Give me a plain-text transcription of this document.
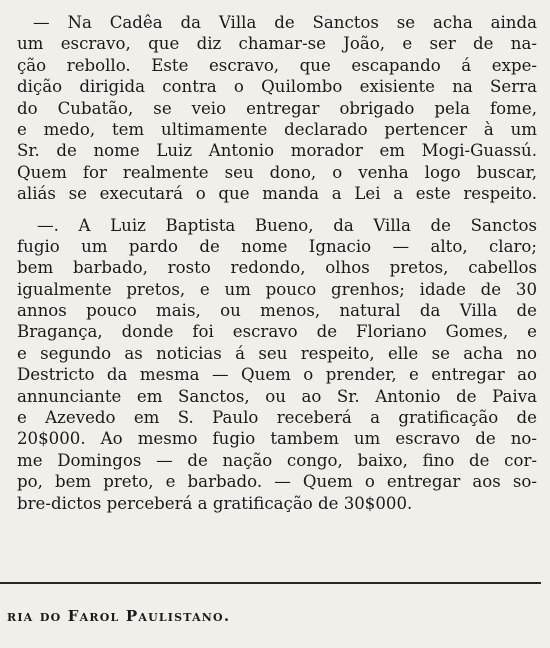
— Na Cadêa da Villa de Sanctos se acha ainda
um escravo, que diz chamar-se João, e ser de na-
ção rebollo. Este escravo, que escapando á expe-
dição dirigida contra o Quilombo exisiente na Serra
do Cubatão, se veio entregar obrigado pela fome,
e medo, tem ultimamente declarado pertencer à um
Sr. de nome Luiz Antonio morador em Mogi-Guassú.
Quem for realmente seu dono, o venha logo buscar,
aliás se executará o que manda a Lei a este respeito.
—. A Luiz Baptista Bueno, da Villa de Sanctos
fugio um pardo de nome Ignacio — alto, claro;
bem barbado, rosto redondo, olhos pretos, cabellos
igualmente pretos, e um pouco grenhos; idade de 30
annos pouco mais, ou menos, natural da Villa de
Bragança, donde foi escravo de Floriano Gomes, e
e segundo as noticias á seu respeito, elle se acha no
Destricto da mesma — Quem o prender, e entregar ao
annunciante em Sanctos, ou ao Sr. Antonio de Paiva
e Azevedo em S. Paulo receberá a gratificação de
20$000. Ao mesmo fugio tambem um escravo de no-
me Domingos — de nação congo, baixo, fino de cor-
po, bem preto, e barbado. — Quem o entregar aos so-
bre-dictos perceberá a gratificação de 30$000.
ria do Farol Paulistano.
